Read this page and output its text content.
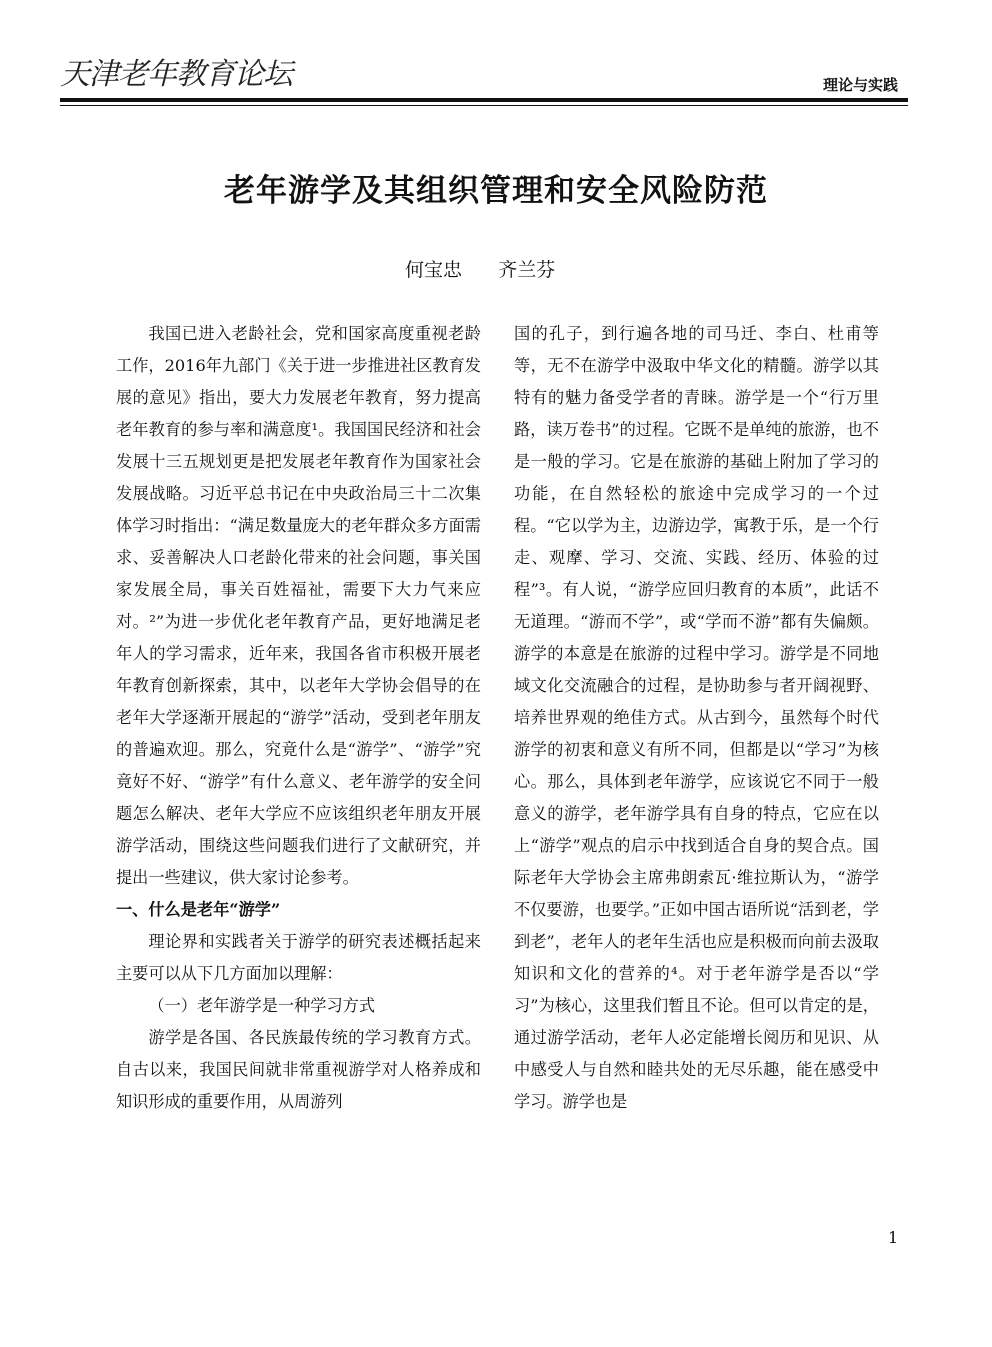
天津老年教育论坛	理论与实践
老年游学及其组织管理和安全风险防范
何宝忠 齐兰芬

我国已进入老龄社会，党和国家高度重视老龄工作，2016年九部门《关于进一步推进社区教育发展的意见》指出，要大力发展老年教育，努力提高老年教育的参与率和满意度¹。我国国民经济和社会发展十三五规划更是把发展老年教育作为国家社会发展战略。习近平总书记在中央政治局三十二次集体学习时指出：“满足数量庞大的老年群众多方面需求、妥善解决人口老龄化带来的社会问题，事关国家发展全局，事关百姓福祉，需要下大力气来应对。²”为进一步优化老年教育产品，更好地满足老年人的学习需求，近年来，我国各省市积极开展老年教育创新探索，其中，以老年大学协会倡导的在老年大学逐渐开展起的“游学”活动，受到老年朋友的普遍欢迎。那么，究竟什么是“游学”、“游学”究竟好不好、“游学”有什么意义、老年游学的安全问题怎么解决、老年大学应不应该组织老年朋友开展游学活动，围绕这些问题我们进行了文献研究，并提出一些建议，供大家讨论参考。

一、什么是老年“游学”

理论界和实践者关于游学的研究表述概括起来主要可以从下几方面加以理解：

（一）老年游学是一种学习方式

游学是各国、各民族最传统的学习教育方式。自古以来，我国民间就非常重视游学对人格养成和知识形成的重要作用，从周游列

国的孔子，到行遍各地的司马迁、李白、杜甫等等，无不在游学中汲取中华文化的精髓。游学以其特有的魅力备受学者的青睐。游学是一个“行万里路，读万卷书”的过程。它既不是单纯的旅游，也不是一般的学习。它是在旅游的基础上附加了学习的功能，在自然轻松的旅途中完成学习的一个过程。“它以学为主，边游边学，寓教于乐，是一个行走、观摩、学习、交流、实践、经历、体验的过程”³。有人说，“游学应回归教育的本质”，此话不无道理。“游而不学”，或“学而不游”都有失偏颇。游学的本意是在旅游的过程中学习。游学是不同地域文化交流融合的过程，是协助参与者开阔视野、培养世界观的绝佳方式。从古到今，虽然每个时代游学的初衷和意义有所不同，但都是以“学习”为核心。那么，具体到老年游学，应该说它不同于一般意义的游学，老年游学具有自身的特点，它应在以上“游学”观点的启示中找到适合自身的契合点。国际老年大学协会主席弗朗索瓦·维拉斯认为，“游学不仅要游，也要学。”正如中国古语所说“活到老，学到老”，老年人的老年生活也应是积极而向前去汲取知识和文化的营养的⁴。对于老年游学是否以“学习”为核心，这里我们暂且不论。但可以肯定的是，通过游学活动，老年人必定能增长阅历和见识、从中感受人与自然和睦共处的无尽乐趣，能在感受中学习。游学也是

1
